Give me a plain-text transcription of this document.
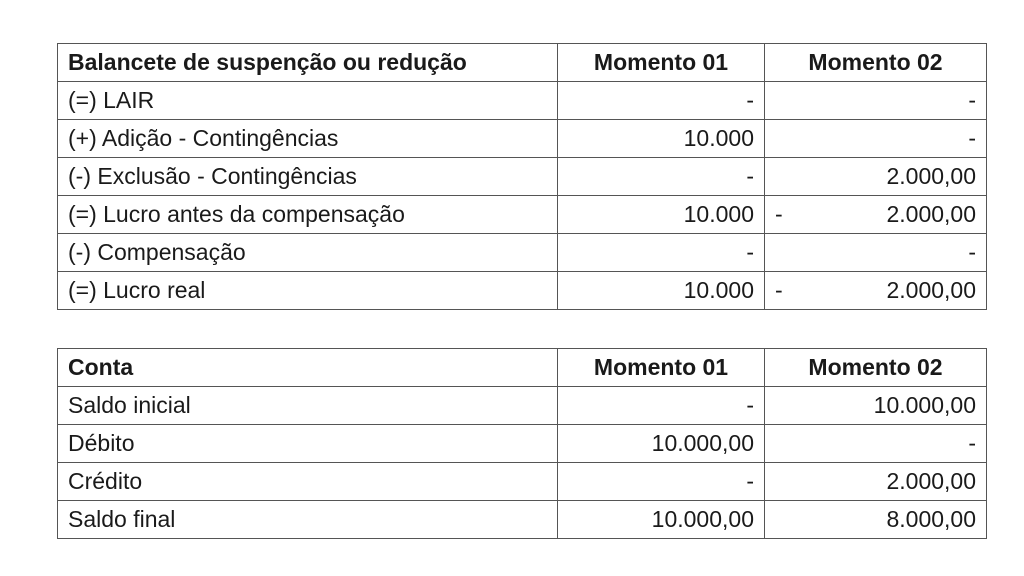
Balancete de suspenção ou redução	Momento 01	Momento 02
(=) LAIR	-	-
(+) Adição - Contingências	10.000	-
(-) Exclusão - Contingências	-	2.000,00
(=) Lucro antes da compensação	10.000	- 2.000,00
(-) Compensação	-	-
(=) Lucro real	10.000	- 2.000,00
Conta	Momento 01	Momento 02
Saldo inicial	-	10.000,00
Débito	10.000,00	-
Crédito	-	2.000,00
Saldo final	10.000,00	8.000,00
